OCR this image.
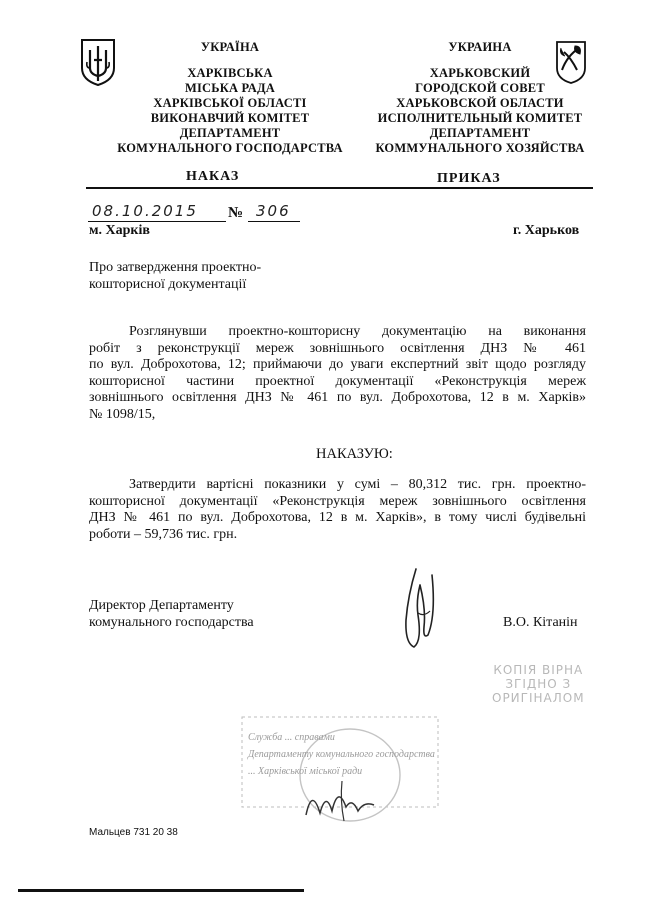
УКРАЇНА
ХАРКІВСЬКА
МІСЬКА РАДА
ХАРКІВСЬКОЇ ОБЛАСТІ
ВИКОНАВЧИЙ КОМІТЕТ
ДЕПАРТАМЕНТ
КОМУНАЛЬНОГО ГОСПОДАРСТВА
УКРАИНА
ХАРЬКОВСКИЙ
ГОРОДСКОЙ СОВЕТ
ХАРЬКОВСКОЙ ОБЛАСТИ
ИСПОЛНИТЕЛЬНЫЙ КОМИТЕТ
ДЕПАРТАМЕНТ
КОММУНАЛЬНОГО ХОЗЯЙСТВА
НАКАЗ	ПРИКАЗ
08.10.2015 № 306
м. Харків	г. Харьков
Про затвердження проектно-
кошторисної документації
Розглянувши проектно-кошторисну документацію на виконання
робіт з реконструкції мереж зовнішнього освітлення ДНЗ № 461
по вул. Доброхотова, 12; приймаючи до уваги експертний звіт щодо розгляду
кошторисної частини проектної документації «Реконструкція мереж
зовнішнього освітлення ДНЗ № 461 по вул. Доброхотова, 12 в м. Харків»
№ 1098/15,
НАКАЗУЮ:
Затвердити вартісні показники у сумі – 80,312 тис. грн. проектно-
кошторисної документації «Реконструкція мереж зовнішнього освітлення
ДНЗ № 461 по вул. Доброхотова, 12 в м. Харків», в тому числі будівельні
роботи – 59,736 тис. грн.
Директор Департаменту
комунального господарства	В.О. Кітанін
КОПІЯ ВІРНА
ЗГІДНО З
ОРИГІНАЛОМ
Служба ... справами
Департаменту комунального господарства
... Харківської міської ради
Мальцев 731 20 38
